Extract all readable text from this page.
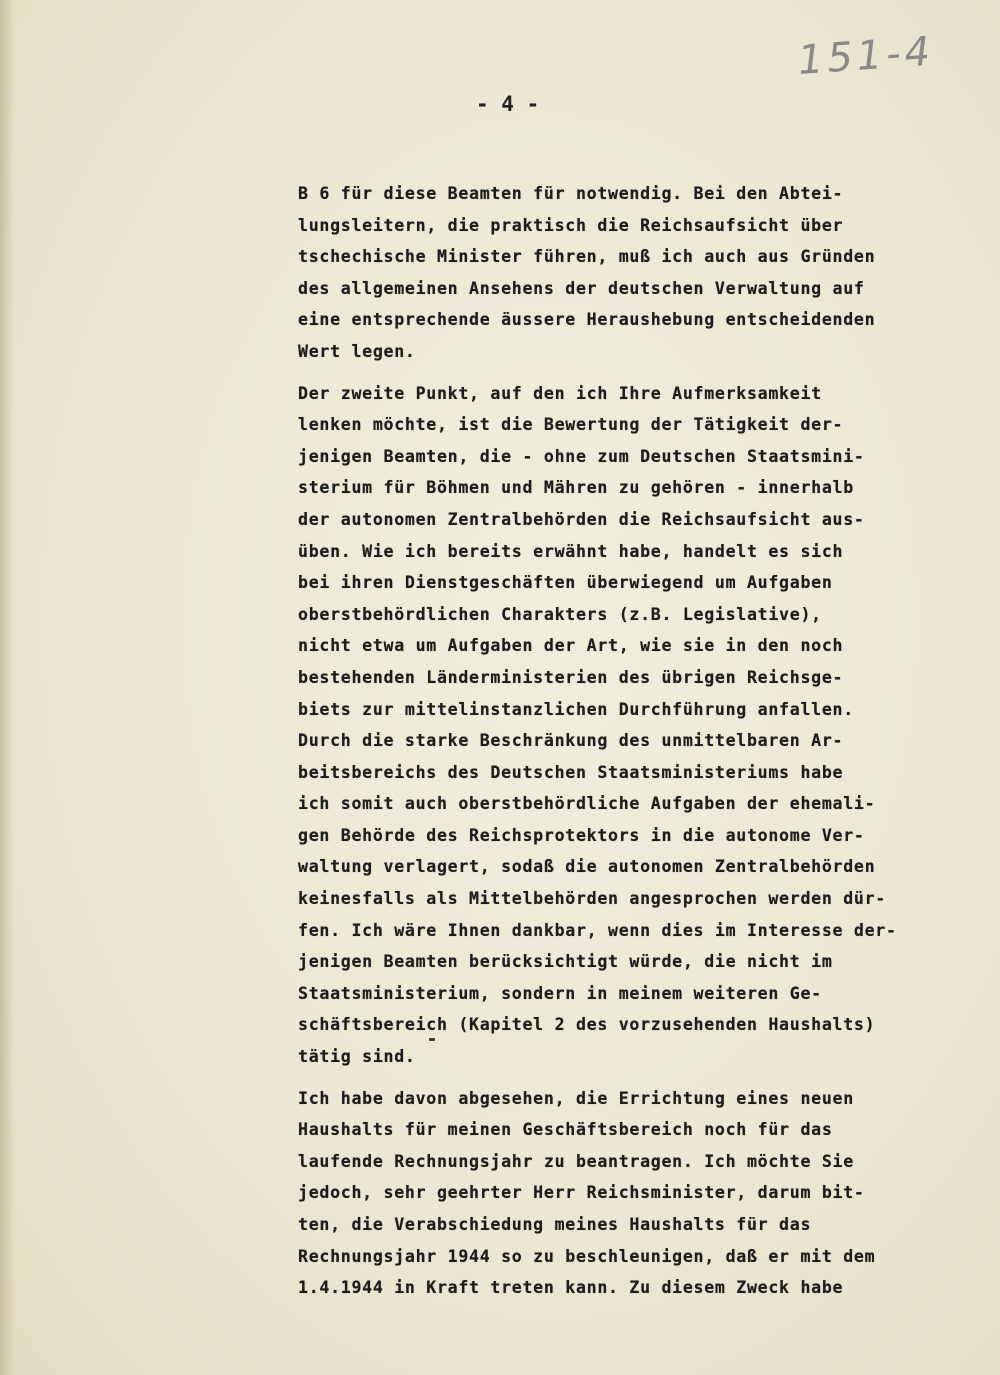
151-4
- 4 -
B 6 für diese Beamten für notwendig. Bei den Abtei-
lungsleitern, die praktisch die Reichsaufsicht über
tschechische Minister führen, muß ich auch aus Gründen
des allgemeinen Ansehens der deutschen Verwaltung auf
eine entsprechende äussere Heraushebung entscheidenden
Wert legen.
Der zweite Punkt, auf den ich Ihre Aufmerksamkeit
lenken möchte, ist die Bewertung der Tätigkeit der-
jenigen Beamten, die - ohne zum Deutschen Staatsmini-
sterium für Böhmen und Mähren zu gehören - innerhalb
der autonomen Zentralbehörden die Reichsaufsicht aus-
üben. Wie ich bereits erwähnt habe, handelt es sich
bei ihren Dienstgeschäften überwiegend um Aufgaben
oberstbehördlichen Charakters (z.B. Legislative),
nicht etwa um Aufgaben der Art, wie sie in den noch
bestehenden Länderministerien des übrigen Reichsge-
biets zur mittelinstanzlichen Durchführung anfallen.
Durch die starke Beschränkung des unmittelbaren Ar-
beitsbereichs des Deutschen Staatsministeriums habe
ich somit auch oberstbehördliche Aufgaben der ehemali-
gen Behörde des Reichsprotektors in die autonome Ver-
waltung verlagert, sodaß die autonomen Zentralbehörden
keinesfalls als Mittelbehörden angesprochen werden dür-
fen. Ich wäre Ihnen dankbar, wenn dies im Interesse der-
jenigen Beamten berücksichtigt würde, die nicht im
Staatsministerium, sondern in meinem weiteren Ge-
schäftsbereich (Kapitel 2 des vorzusehenden Haushalts)
tätig sind.
Ich habe davon abgesehen, die Errichtung eines neuen
Haushalts für meinen Geschäftsbereich noch für das
laufende Rechnungsjahr zu beantragen. Ich möchte Sie
jedoch, sehr geehrter Herr Reichsminister, darum bit-
ten, die Verabschiedung meines Haushalts für das
Rechnungsjahr 1944 so zu beschleunigen, daß er mit dem
1.4.1944 in Kraft treten kann. Zu diesem Zweck habe
